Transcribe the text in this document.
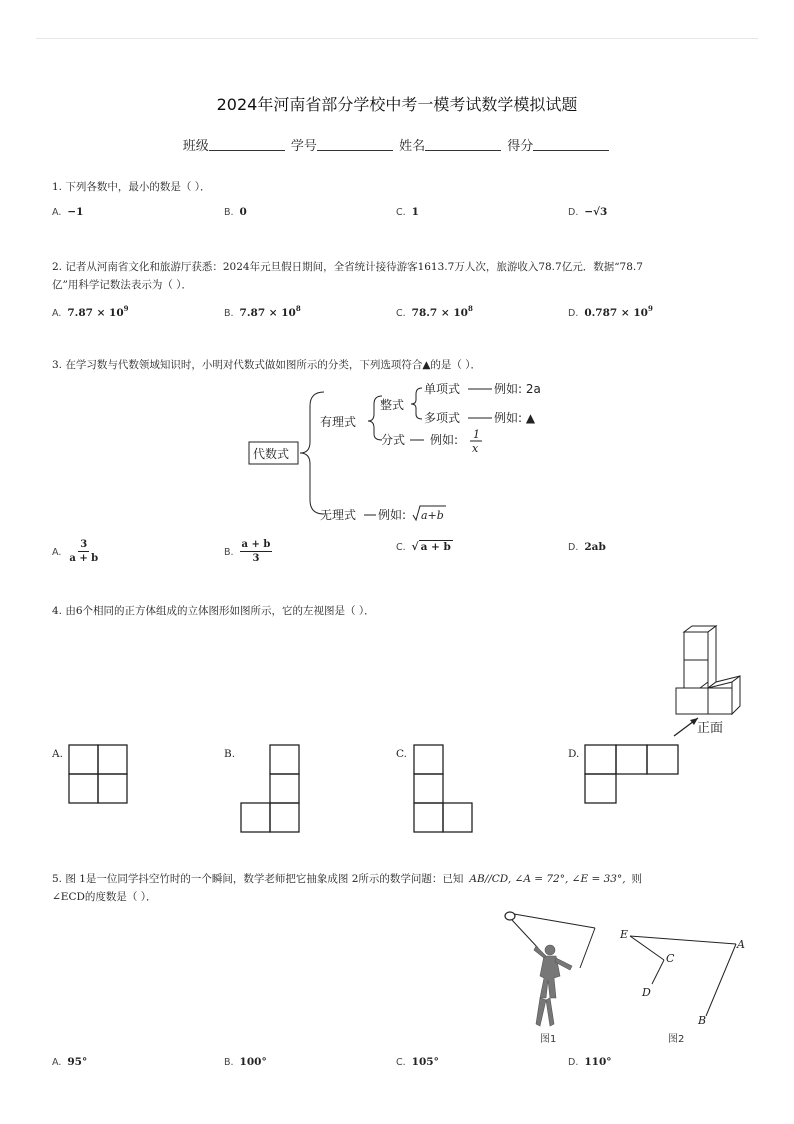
2024年河南省部分学校中考一模考试数学模拟试题
班级	学号	姓名	得分
1. 下列各数中，最小的数是（ ）．
A. −1	B. 0	C. 1	D. −√3
2. 记者从河南省文化和旅游厅获悉：2024年元旦假日期间，全省统计接待游客1613.7万人次，旅游收入78.7亿元．数据“78.7
亿”用科学记数法表示为（ ）．
A. $7.87 \times 10^9$	B. $7.87 \times 10^8$	C. $78.7 \times 10^8$	D. $0.787 \times 10^9$
3. 在学习数与代数领域知识时，小明对代数式做如图所示的分类，下列选项符合▲的是（ ）．
代数式
有理式
整式
单项式	例如: 2a
多项式	例如: ▲
分式 例如: 1
x
无理式 例如: a+b
A. $\frac{3}{a + b}$	B. $\frac{a + b}{3}$	C. √ a + b	D. 2ab
4. 由6个相同的正方体组成的立体图形如图所示，它的左视图是（ ）．
正面
A.	B.	C.	D.
5. 图 1是一位同学抖空竹时的一个瞬间，数学老师把它抽象成图 2所示的数学问题：已知 AB//CD, ∠A = 72°, ∠E = 33°, 则
∠ECD的度数是（ ）．
图1
E
A
C
D
B
图2
A. 95°	B. 100°	C. 105°	D. 110°
